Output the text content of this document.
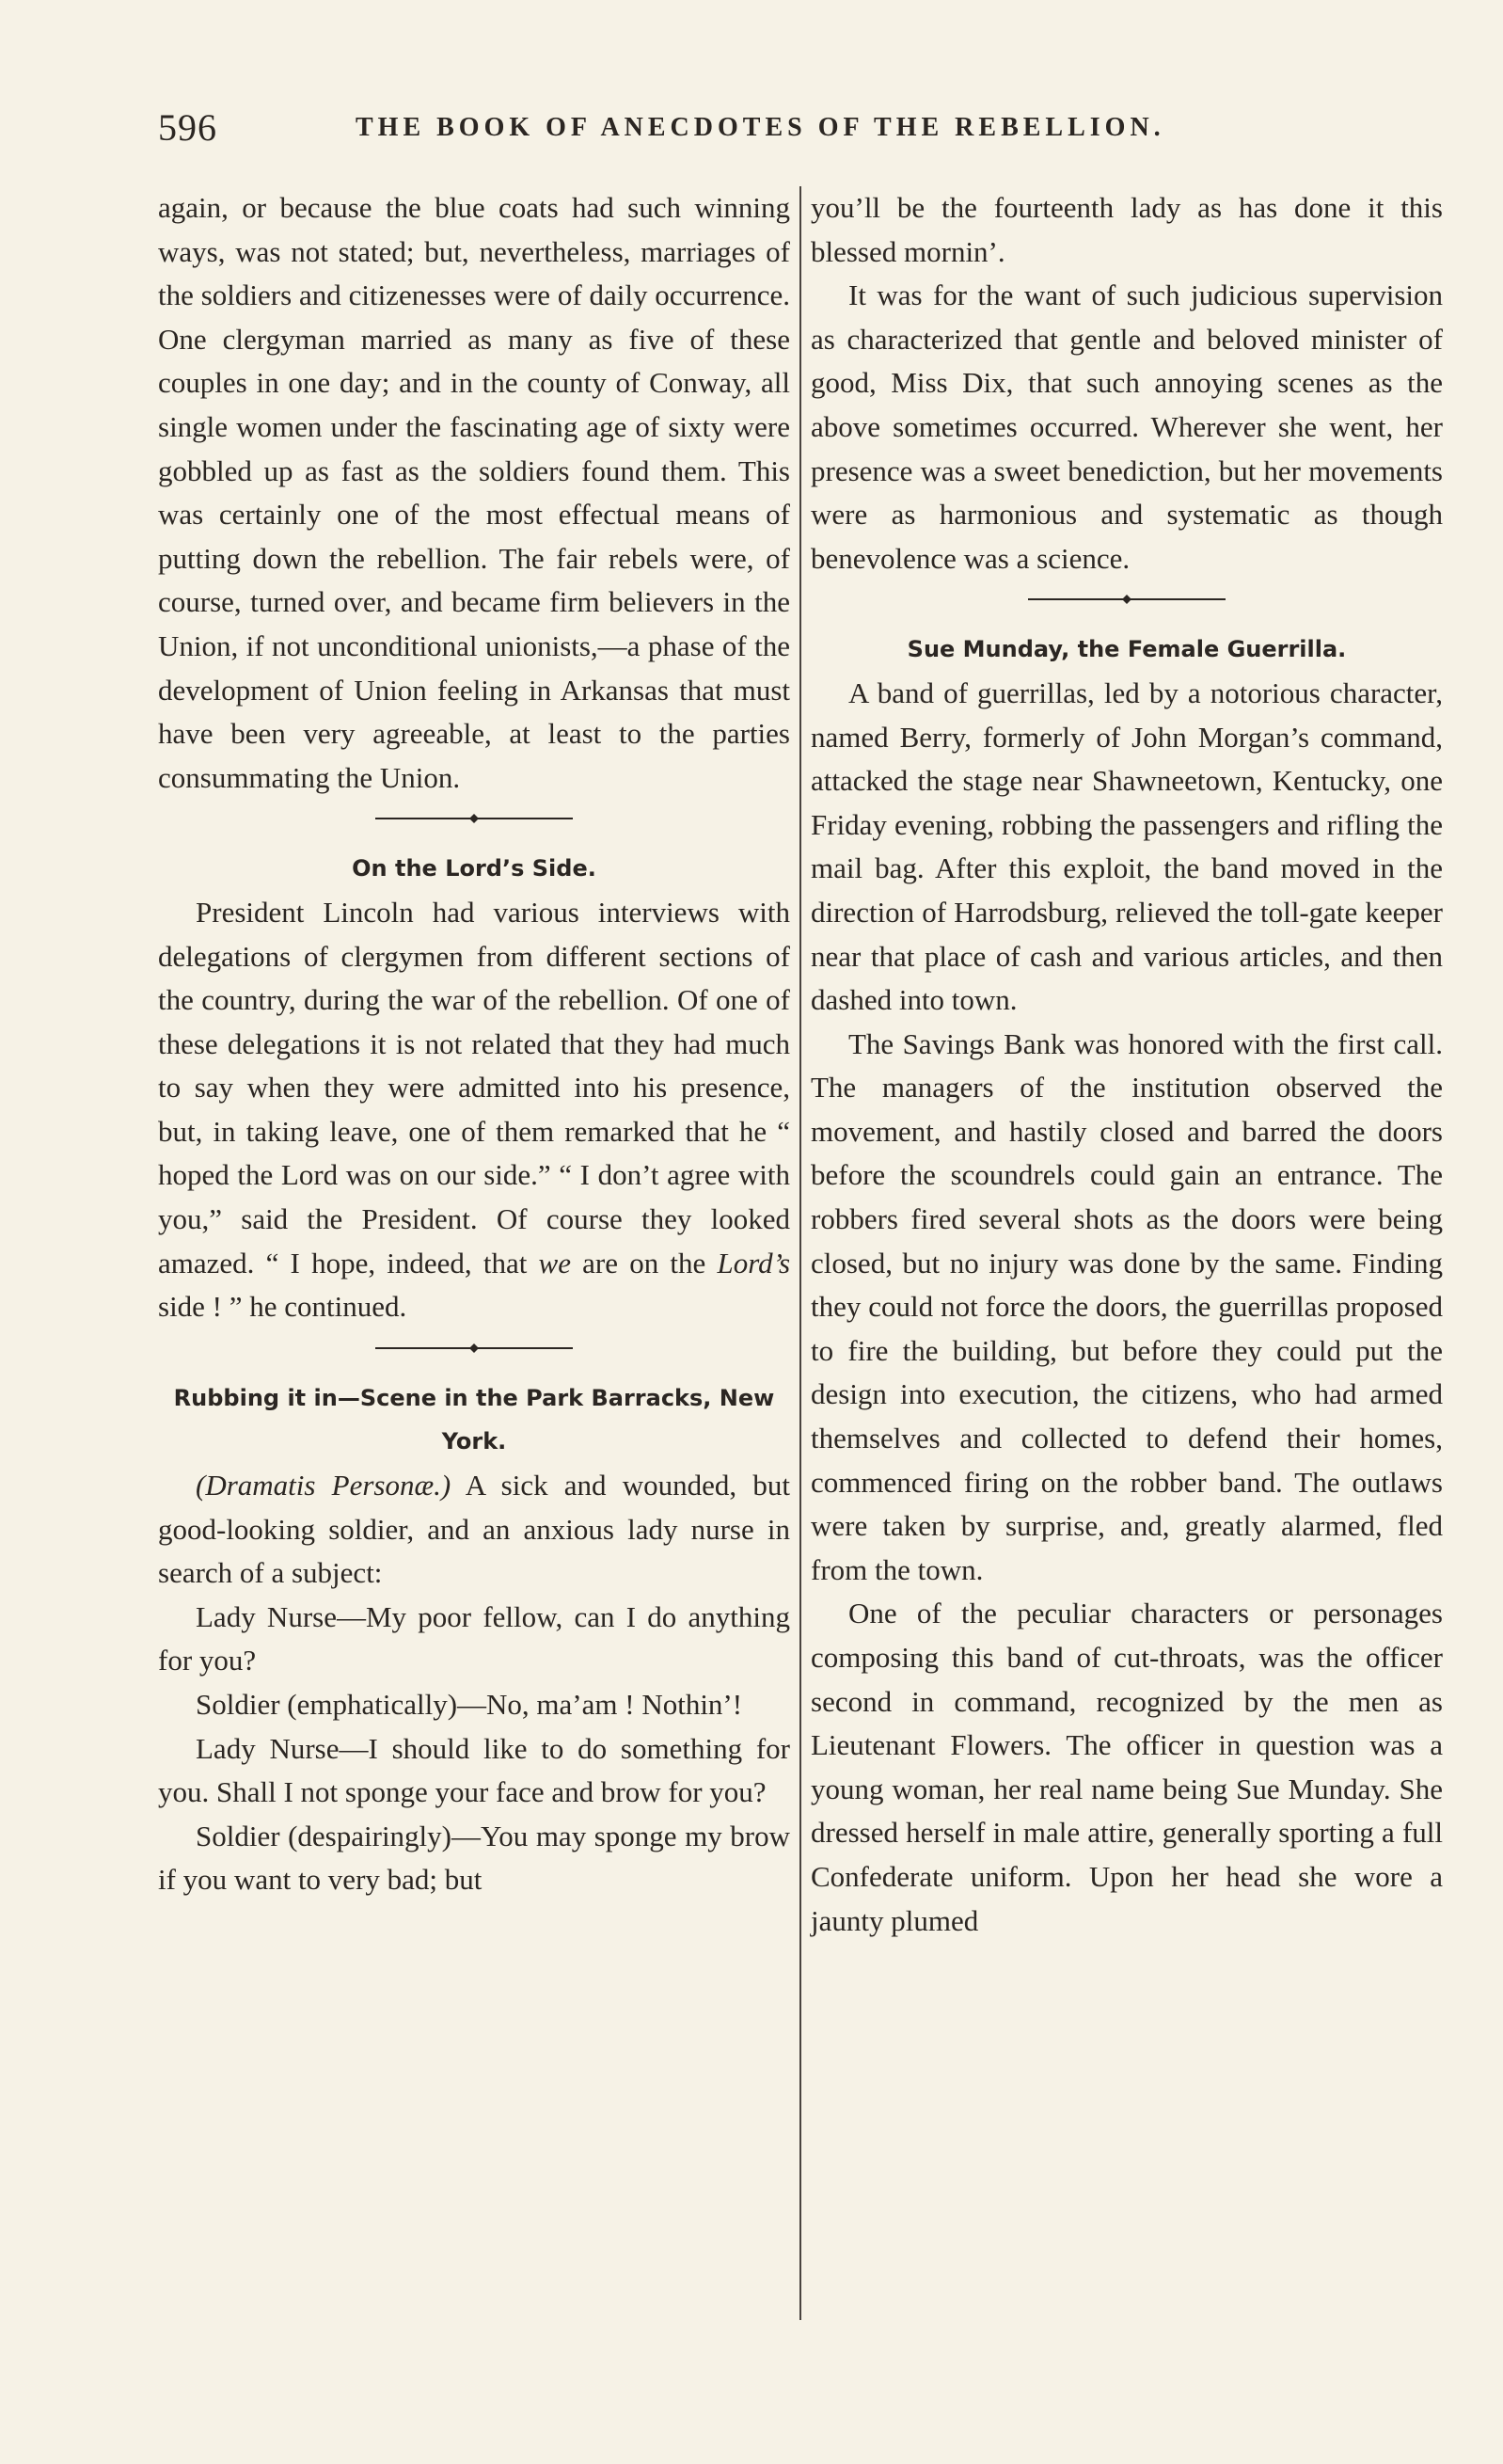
596	THE BOOK OF ANECDOTES OF THE REBELLION.

again, or because the blue coats had such winning ways, was not stated; but, nevertheless, marriages of the soldiers and citizenesses were of daily occurrence. One clergyman married as many as five of these couples in one day; and in the county of Conway, all single women under the fascinating age of sixty were gobbled up as fast as the soldiers found them. This was certainly one of the most effectual means of putting down the rebellion. The fair rebels were, of course, turned over, and became firm believers in the Union, if not unconditional unionists,—a phase of the development of Union feeling in Arkansas that must have been very agreeable, at least to the parties consummating the Union.

On the Lord’s Side.

President Lincoln had various interviews with delegations of clergymen from different sections of the country, during the war of the rebellion. Of one of these delegations it is not related that they had much to say when they were admitted into his presence, but, in taking leave, one of them remarked that he “ hoped the Lord was on our side.” “ I don’t agree with you,” said the President. Of course they looked amazed. “ I hope, indeed, that we are on the Lord’s side ! ” he continued.

Rubbing it in—Scene in the Park Barracks, New York.

(Dramatis Personæ.) A sick and wounded, but good-looking soldier, and an anxious lady nurse in search of a subject:

Lady Nurse—My poor fellow, can I do anything for you?

Soldier (emphatically)—No, ma’am ! Nothin’!

Lady Nurse—I should like to do something for you. Shall I not sponge your face and brow for you?

Soldier (despairingly)—You may sponge my brow if you want to very bad; but

you’ll be the fourteenth lady as has done it this blessed mornin’.

It was for the want of such judicious supervision as characterized that gentle and beloved minister of good, Miss Dix, that such annoying scenes as the above sometimes occurred. Wherever she went, her presence was a sweet benediction, but her movements were as harmonious and systematic as though benevolence was a science.

Sue Munday, the Female Guerrilla.

A band of guerrillas, led by a notorious character, named Berry, formerly of John Morgan’s command, attacked the stage near Shawneetown, Kentucky, one Friday evening, robbing the passengers and rifling the mail bag. After this exploit, the band moved in the direction of Harrodsburg, relieved the toll-gate keeper near that place of cash and various articles, and then dashed into town.

The Savings Bank was honored with the first call. The managers of the institution observed the movement, and hastily closed and barred the doors before the scoundrels could gain an entrance. The robbers fired several shots as the doors were being closed, but no injury was done by the same. Finding they could not force the doors, the guerrillas proposed to fire the building, but before they could put the design into execution, the citizens, who had armed themselves and collected to defend their homes, commenced firing on the robber band. The outlaws were taken by surprise, and, greatly alarmed, fled from the town.

One of the peculiar characters or personages composing this band of cut-throats, was the officer second in command, recognized by the men as Lieutenant Flowers. The officer in question was a young woman, her real name being Sue Munday. She dressed herself in male attire, generally sporting a full Confederate uniform. Upon her head she wore a jaunty plumed
